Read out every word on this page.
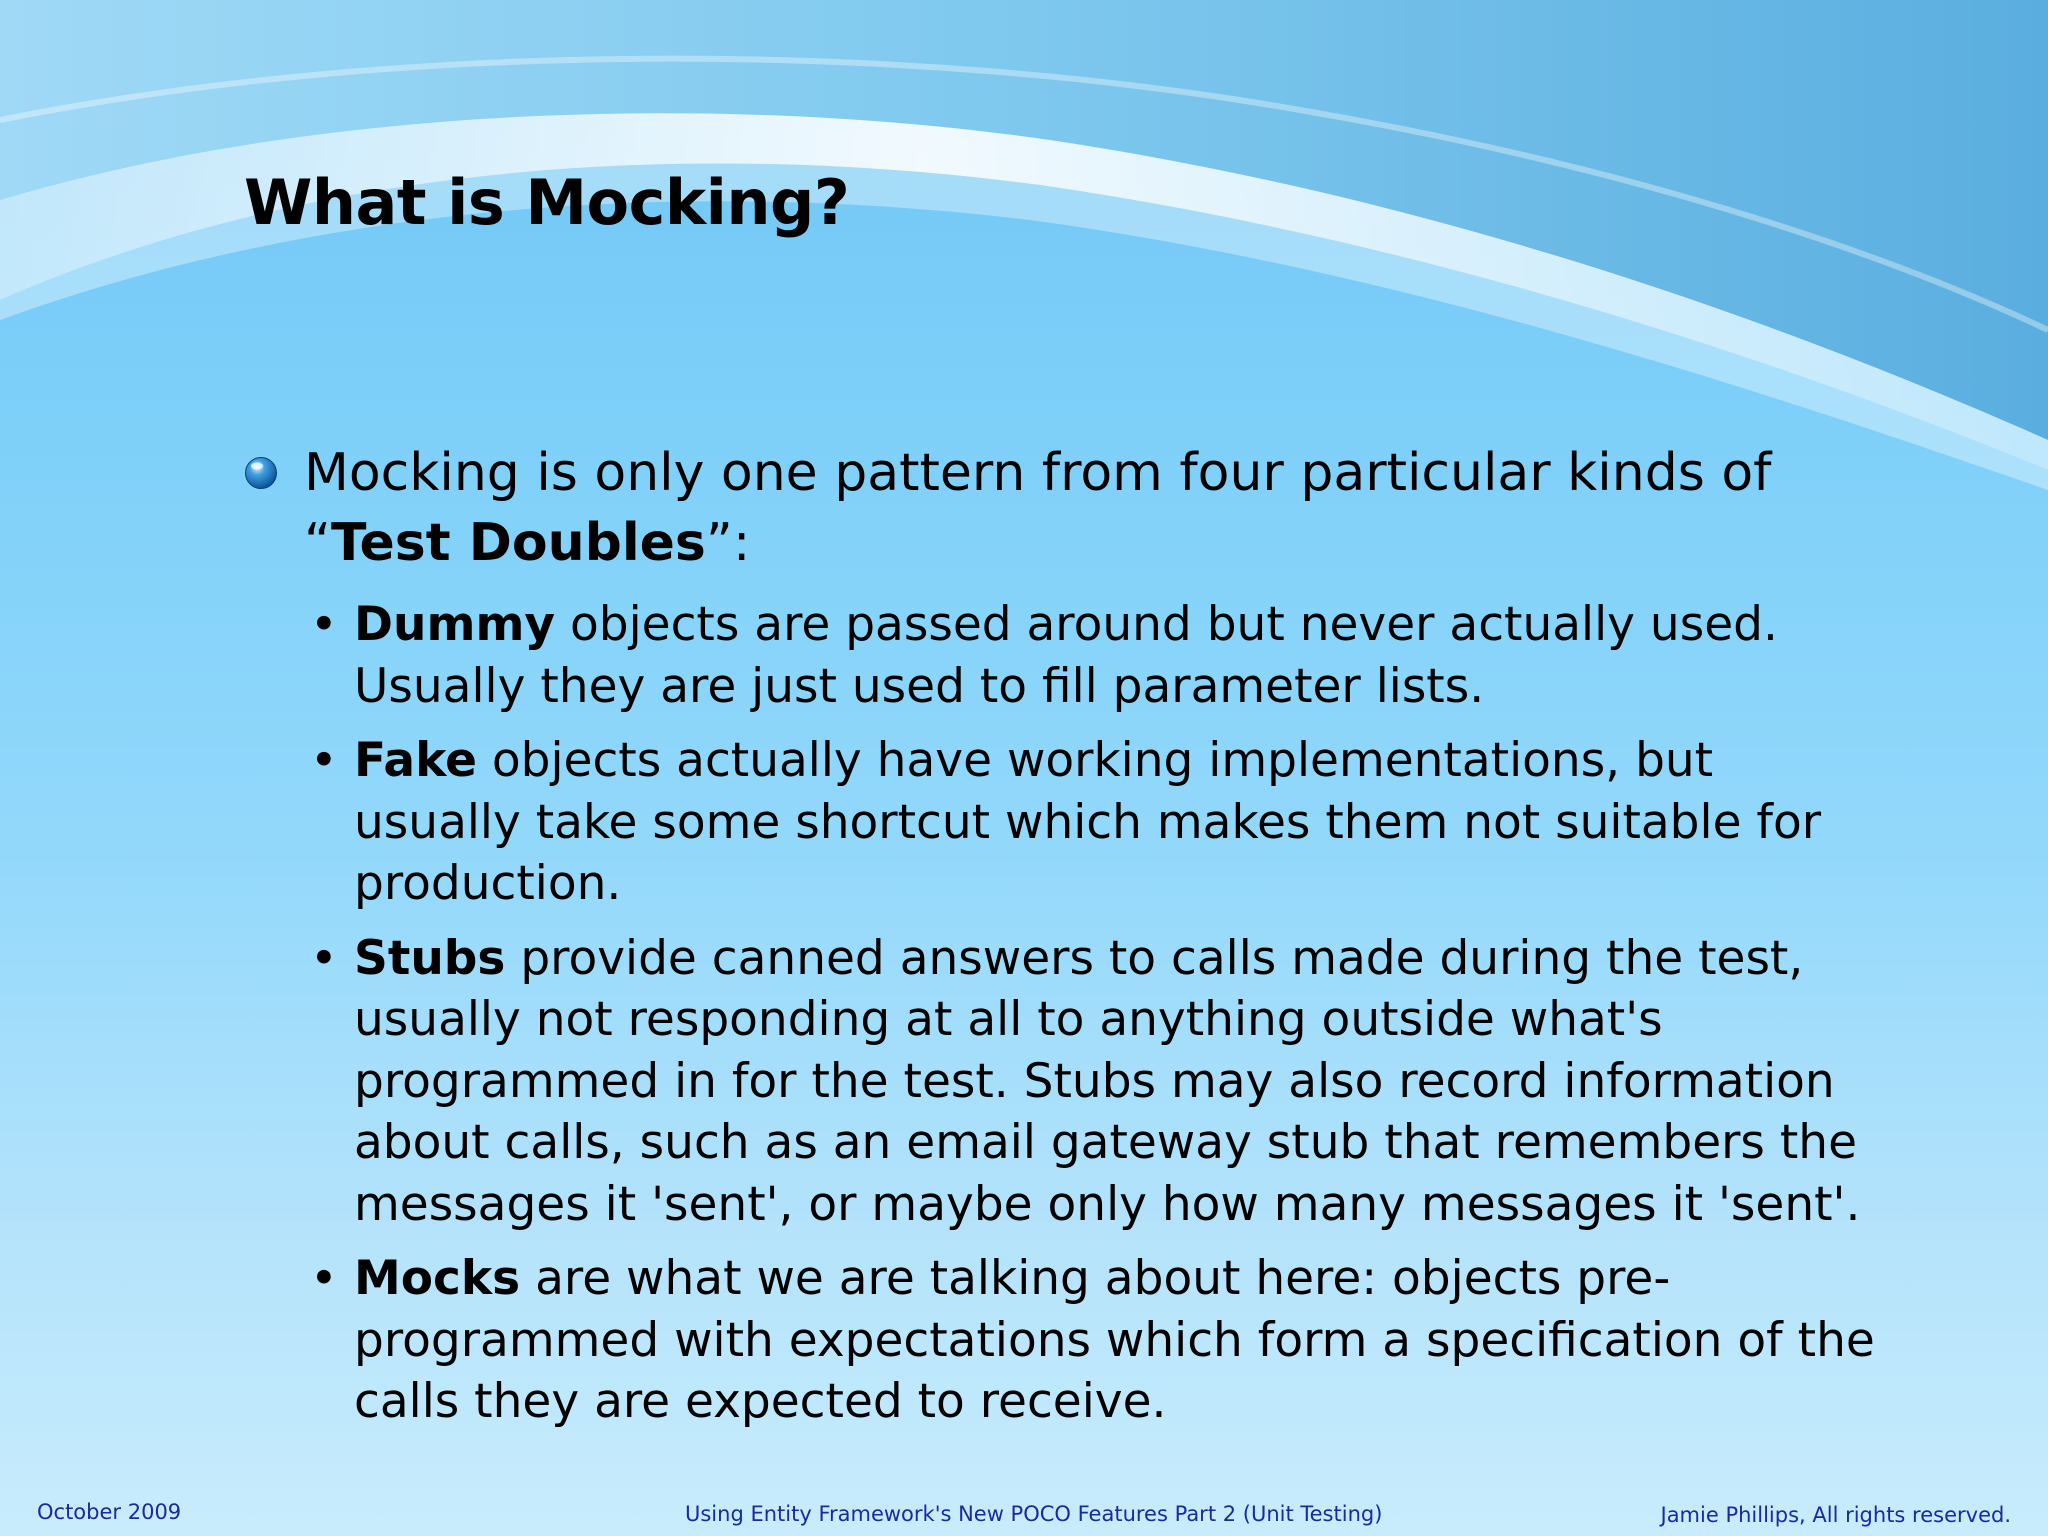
What is Mocking?
Mocking is only one pattern from four particular kinds of “Test Doubles”:
• Dummy objects are passed around but never actually used. Usually they are just used to fill parameter lists.
• Fake objects actually have working implementations, but usually take some shortcut which makes them not suitable for production.
• Stubs provide canned answers to calls made during the test, usually not responding at all to anything outside what's programmed in for the test. Stubs may also record information about calls, such as an email gateway stub that remembers the messages it 'sent', or maybe only how many messages it 'sent'.
• Mocks are what we are talking about here: objects pre-programmed with expectations which form a specification of the calls they are expected to receive.
October 2009	Using Entity Framework's New POCO Features Part 2 (Unit Testing)	Jamie Phillips, All rights reserved.
